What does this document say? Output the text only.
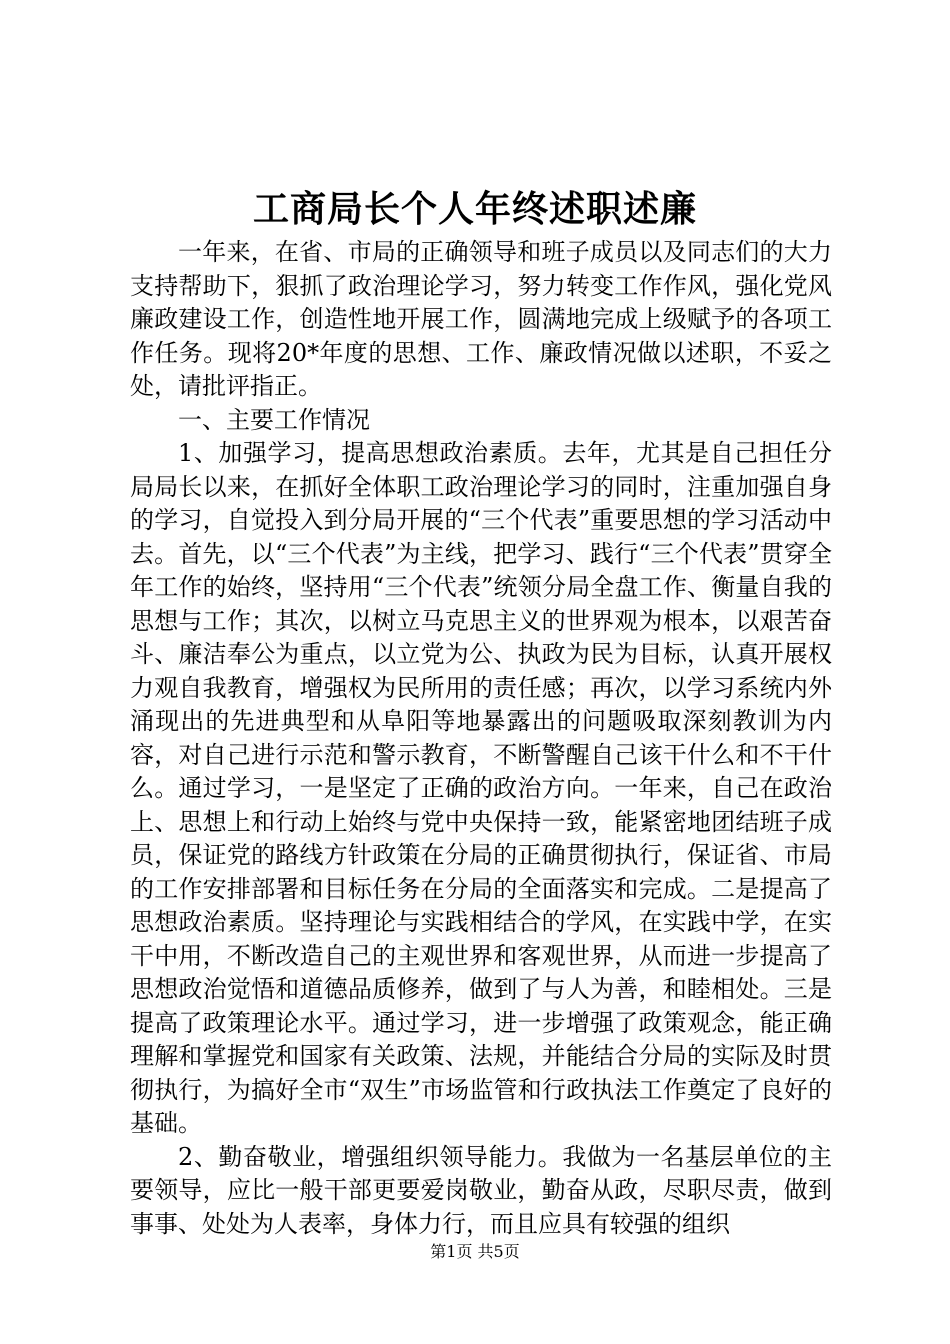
工商局长个人年终述职述廉

一年来，在省、市局的正确领导和班子成员以及同志们的大力支持帮助下，狠抓了政治理论学习，努力转变工作作风，强化党风廉政建设工作，创造性地开展工作，圆满地完成上级赋予的各项工作任务。现将20*年度的思想、工作、廉政情况做以述职，不妥之处，请批评指正。

一、主要工作情况

1、加强学习，提高思想政治素质。去年，尤其是自己担任分局局长以来，在抓好全体职工政治理论学习的同时，注重加强自身的学习，自觉投入到分局开展的“三个代表”重要思想的学习活动中去。首先，以“三个代表”为主线，把学习、践行“三个代表”贯穿全年工作的始终，坚持用“三个代表”统领分局全盘工作、衡量自我的思想与工作；其次，以树立马克思主义的世界观为根本，以艰苦奋斗、廉洁奉公为重点，以立党为公、执政为民为目标，认真开展权力观自我教育，增强权为民所用的责任感；再次，以学习系统内外涌现出的先进典型和从阜阳等地暴露出的问题吸取深刻教训为内容，对自己进行示范和警示教育，不断警醒自己该干什么和不干什么。通过学习，一是坚定了正确的政治方向。一年来，自己在政治上、思想上和行动上始终与党中央保持一致，能紧密地团结班子成员，保证党的路线方针政策在分局的正确贯彻执行，保证省、市局的工作安排部署和目标任务在分局的全面落实和完成。二是提高了思想政治素质。坚持理论与实践相结合的学风，在实践中学，在实干中用，不断改造自己的主观世界和客观世界，从而进一步提高了思想政治觉悟和道德品质修养，做到了与人为善，和睦相处。三是提高了政策理论水平。通过学习，进一步增强了政策观念，能正确理解和掌握党和国家有关政策、法规，并能结合分局的实际及时贯彻执行，为搞好全市“双生”市场监管和行政执法工作奠定了良好的基础。

2、勤奋敬业，增强组织领导能力。我做为一名基层单位的主要领导，应比一般干部更要爱岗敬业，勤奋从政，尽职尽责，做到事事、处处为人表率，身体力行，而且应具有较强的组织

第1页 共5页
